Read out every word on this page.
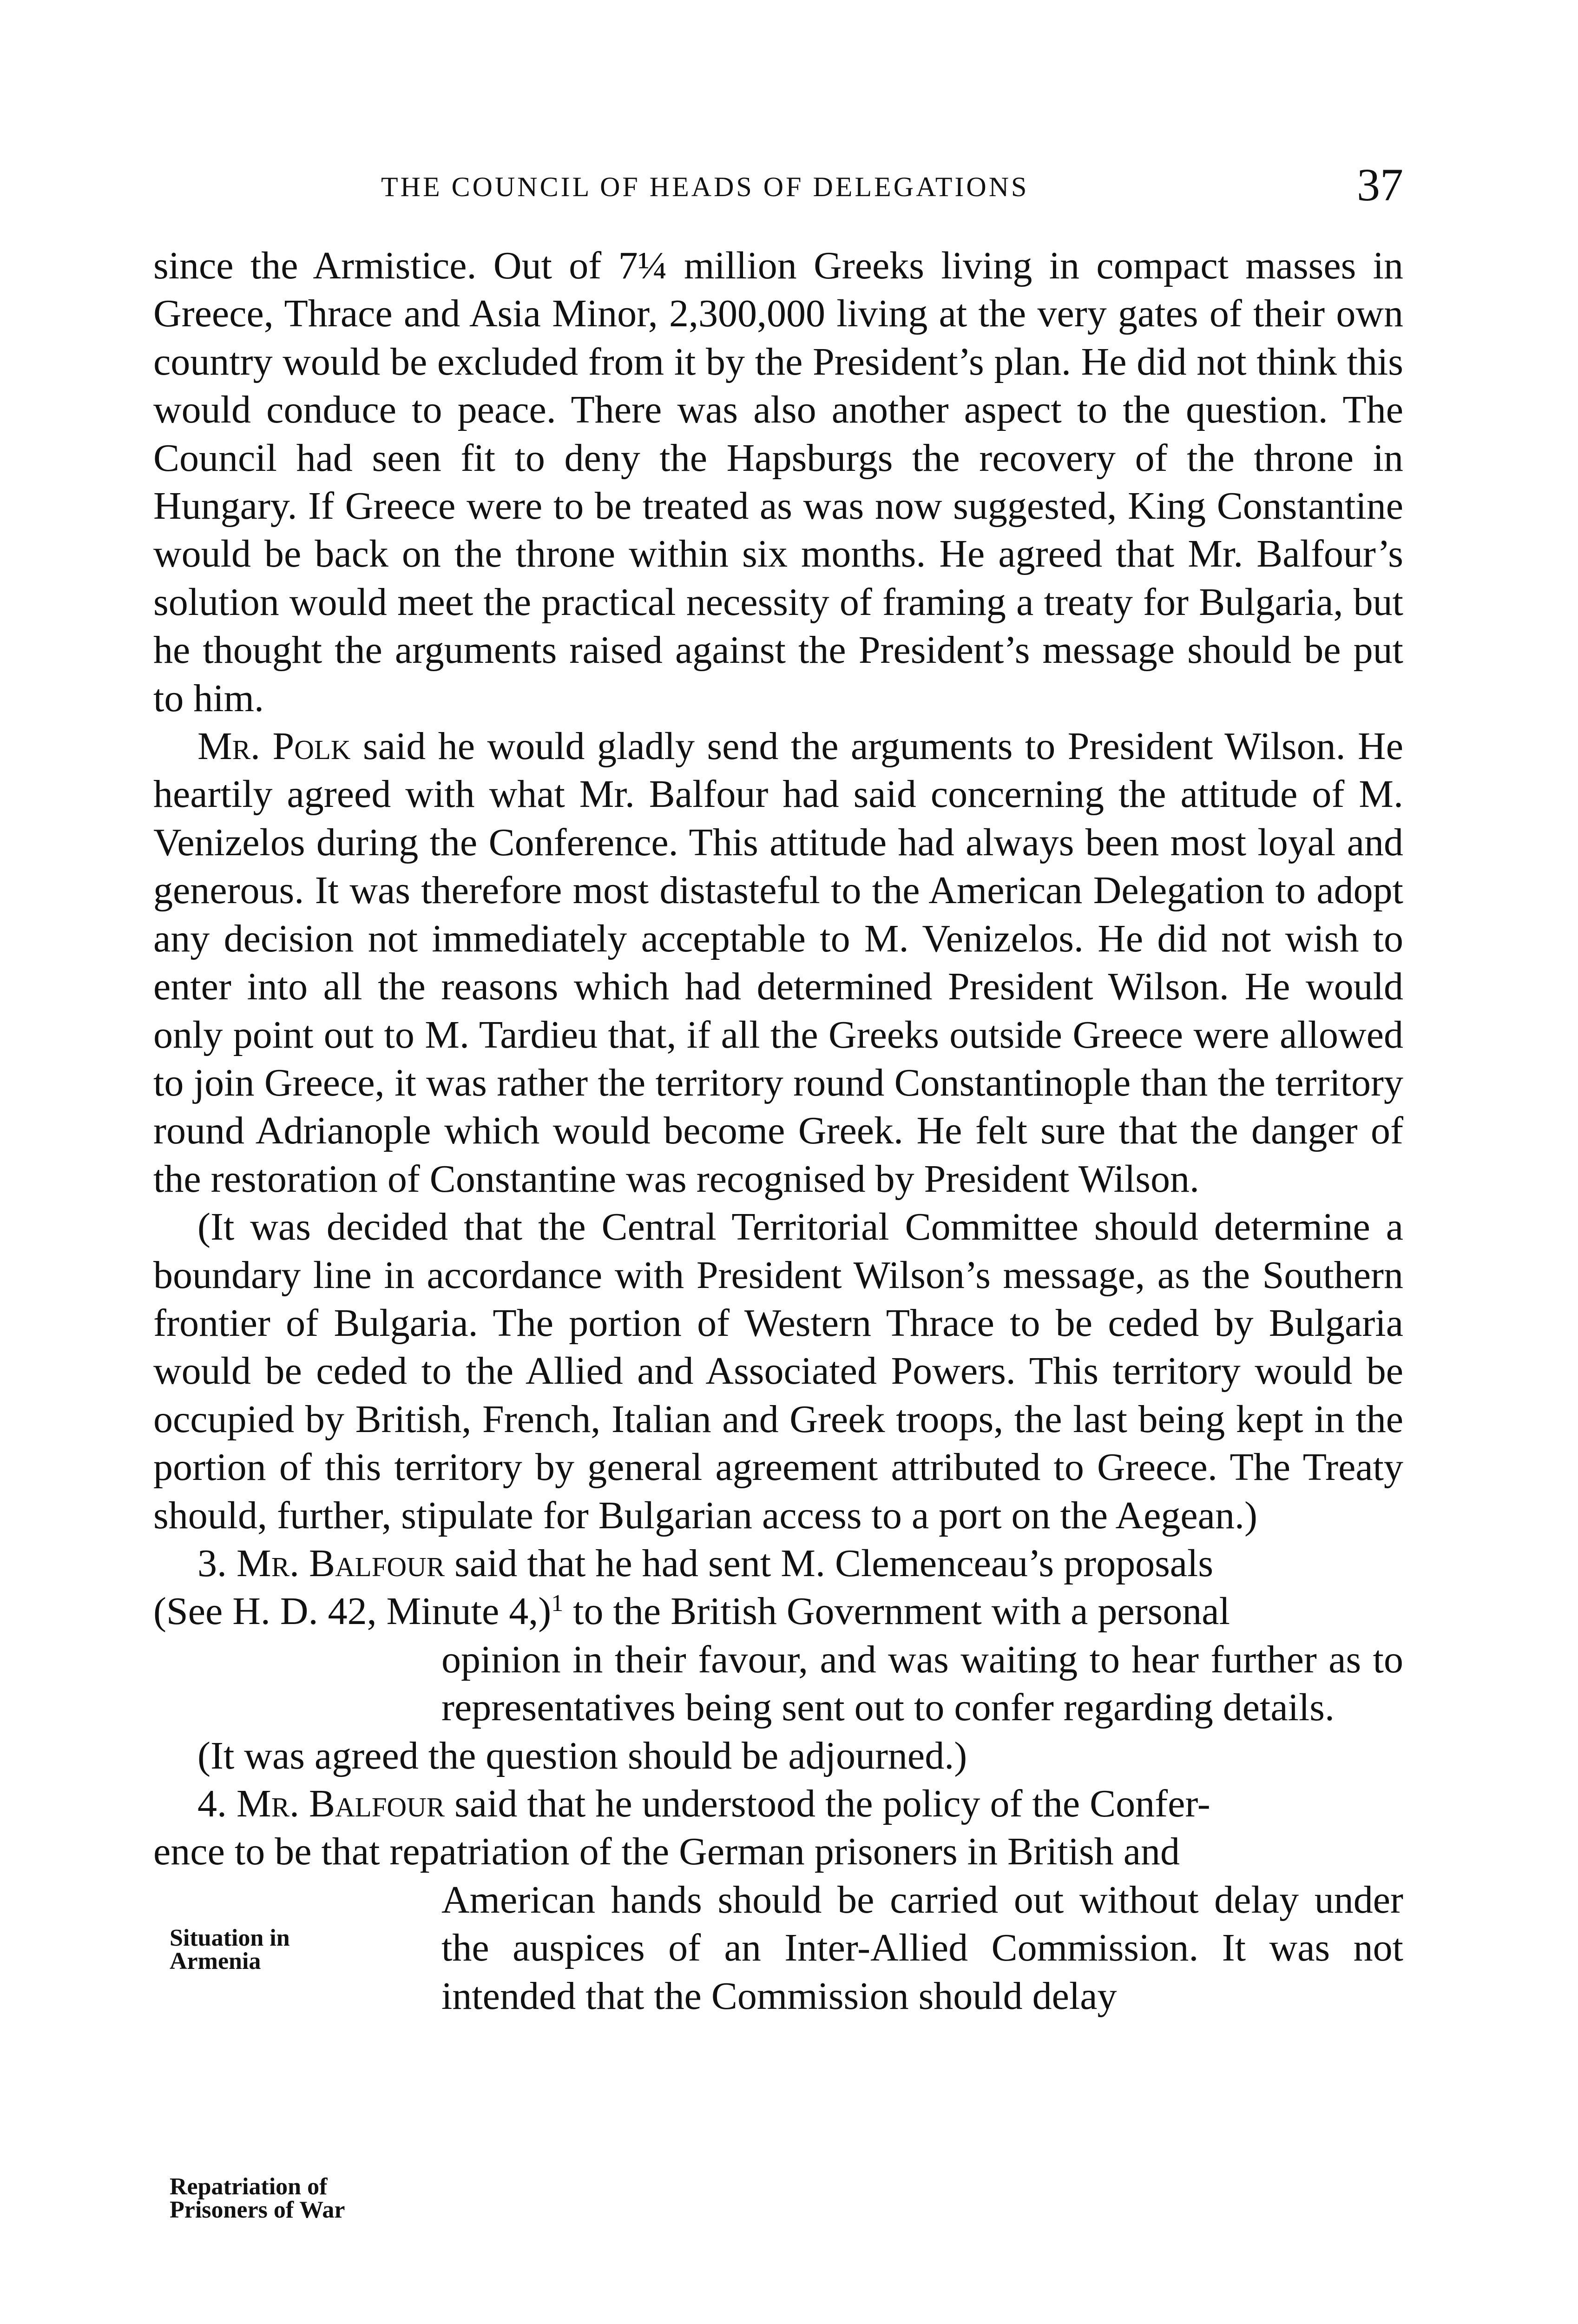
THE COUNCIL OF HEADS OF DELEGATIONS	37

since the Armistice. Out of 7¼ million Greeks living in compact masses in Greece, Thrace and Asia Minor, 2,300,000 living at the very gates of their own country would be excluded from it by the President’s plan. He did not think this would conduce to peace. There was also another aspect to the question. The Council had seen fit to deny the Hapsburgs the recovery of the throne in Hungary. If Greece were to be treated as was now suggested, King Constantine would be back on the throne within six months. He agreed that Mr. Balfour’s solution would meet the practical necessity of framing a treaty for Bulgaria, but he thought the arguments raised against the President’s message should be put to him.

Mr. Polk said he would gladly send the arguments to President Wilson. He heartily agreed with what Mr. Balfour had said concerning the attitude of M. Venizelos during the Conference. This attitude had always been most loyal and generous. It was therefore most distasteful to the American Delegation to adopt any decision not immediately acceptable to M. Venizelos. He did not wish to enter into all the reasons which had determined President Wilson. He would only point out to M. Tardieu that, if all the Greeks outside Greece were allowed to join Greece, it was rather the territory round Constantinople than the territory round Adrianople which would become Greek. He felt sure that the danger of the restoration of Constantine was recognised by President Wilson.

(It was decided that the Central Territorial Committee should determine a boundary line in accordance with President Wilson’s message, as the Southern frontier of Bulgaria. The portion of Western Thrace to be ceded by Bulgaria would be ceded to the Allied and Associated Powers. This territory would be occupied by British, French, Italian and Greek troops, the last being kept in the portion of this territory by general agreement attributed to Greece. The Treaty should, further, stipulate for Bulgarian access to a port on the Aegean.)

3. Mr. Balfour said that he had sent M. Clemenceau’s proposals
(See H. D. 42, Minute 4,)$^1$ to the British Government with a personal

opinion in their favour, and was waiting to hear further as to representatives being sent out to confer regarding details.

(It was agreed the question should be adjourned.)

4. Mr. Balfour said that he understood the policy of the Confer-

ence to be that repatriation of the German prisoners in British and

American hands should be carried out without delay under the auspices of an Inter-Allied Commission. It was not intended that the Commission should delay

Situation in
Armenia
Repatriation of
Prisoners of War
